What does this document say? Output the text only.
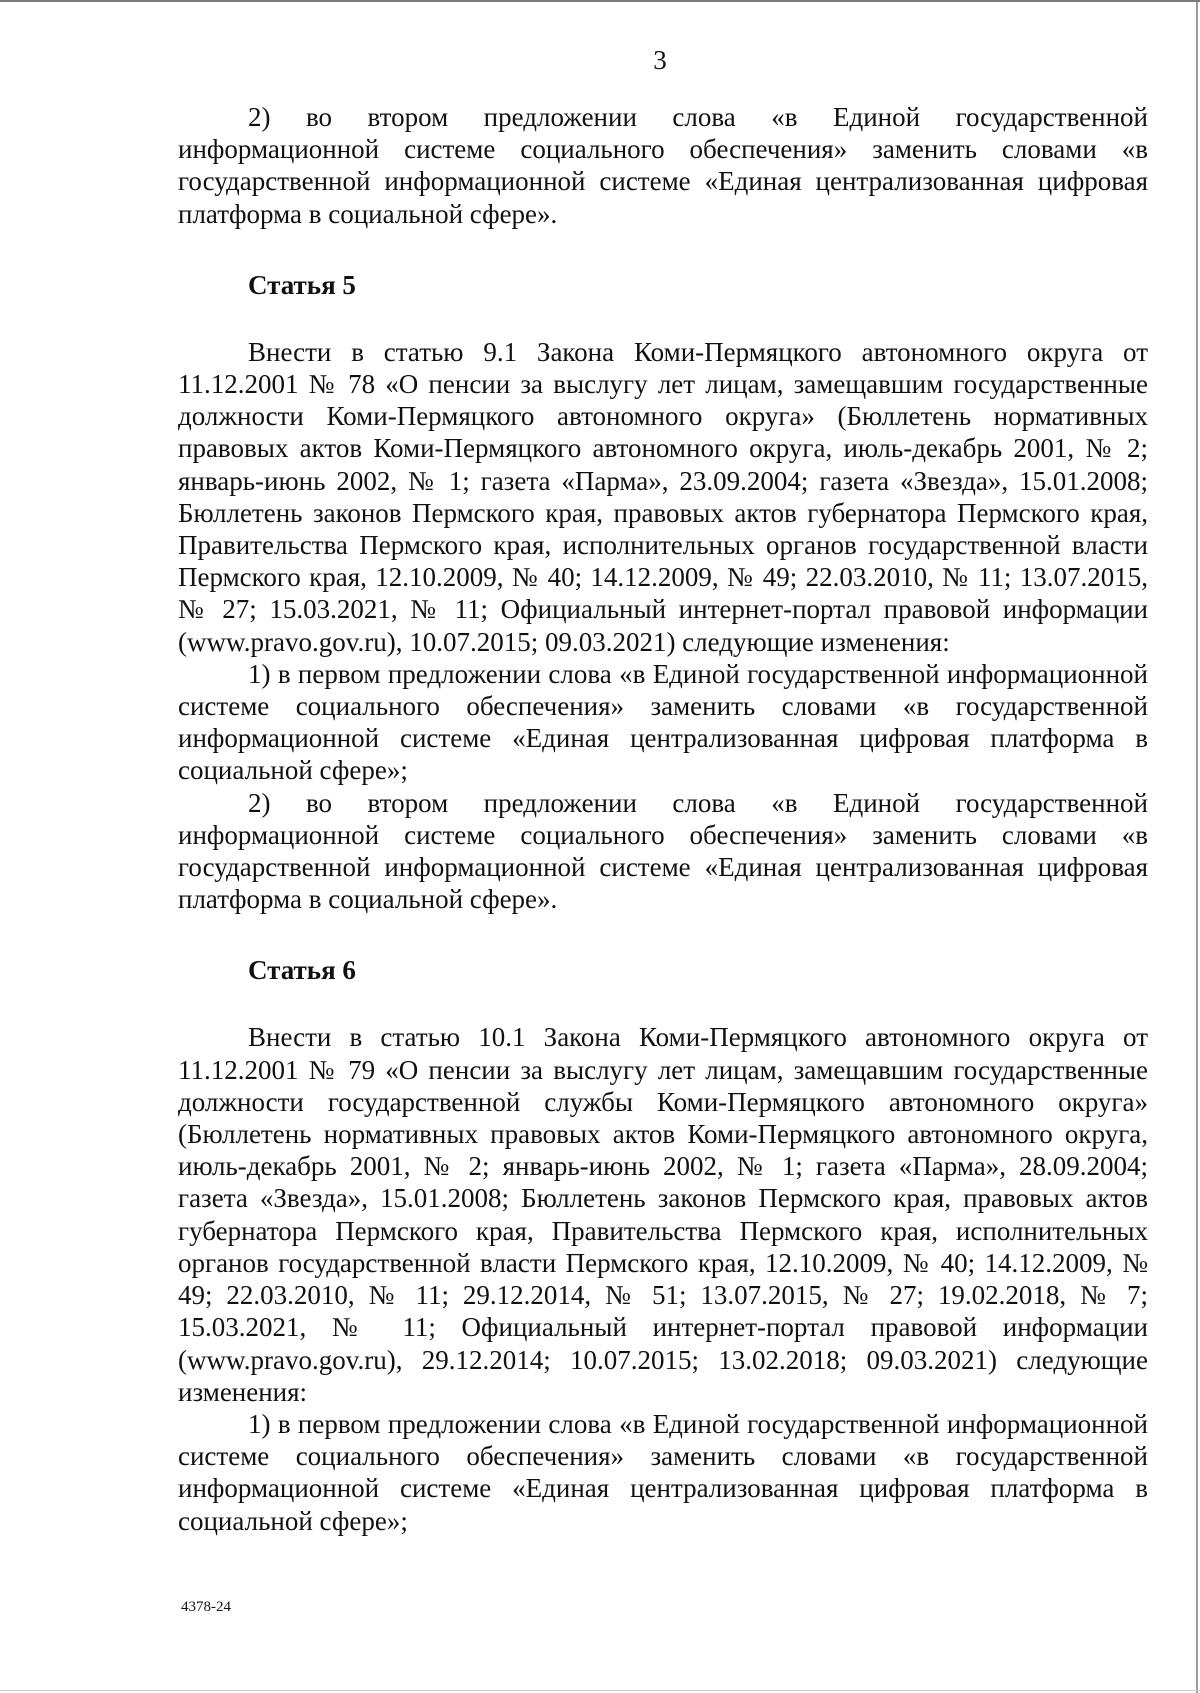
3

2) во втором предложении слова «в Единой государственной информационной системе социального обеспечения» заменить словами «в государственной информационной системе «Единая централизованная цифровая платформа в социальной сфере».

Статья 5

Внести в статью 9.1 Закона Коми-Пермяцкого автономного округа от 11.12.2001 № 78 «О пенсии за выслугу лет лицам, замещавшим государственные должности Коми-Пермяцкого автономного округа» (Бюллетень нормативных правовых актов Коми-Пермяцкого автономного округа, июль-декабрь 2001, № 2; январь-июнь 2002, № 1; газета «Парма», 23.09.2004; газета «Звезда», 15.01.2008; Бюллетень законов Пермского края, правовых актов губернатора Пермского края, Правительства Пермского края, исполнительных органов государственной власти Пермского края, 12.10.2009, № 40; 14.12.2009, № 49; 22.03.2010, № 11; 13.07.2015, № 27; 15.03.2021, № 11; Официальный интернет-портал правовой информации (www.pravo.gov.ru), 10.07.2015; 09.03.2021) следующие изменения:

1) в первом предложении слова «в Единой государственной информационной системе социального обеспечения» заменить словами «в государственной информационной системе «Единая централизованная цифровая платформа в социальной сфере»;

2) во втором предложении слова «в Единой государственной информационной системе социального обеспечения» заменить словами «в государственной информационной системе «Единая централизованная цифровая платформа в социальной сфере».

Статья 6

Внести в статью 10.1 Закона Коми-Пермяцкого автономного округа от 11.12.2001 № 79 «О пенсии за выслугу лет лицам, замещавшим государственные должности государственной службы Коми-Пермяцкого автономного округа» (Бюллетень нормативных правовых актов Коми-Пермяцкого автономного округа, июль-декабрь 2001, № 2; январь-июнь 2002, № 1; газета «Парма», 28.09.2004; газета «Звезда», 15.01.2008; Бюллетень законов Пермского края, правовых актов губернатора Пермского края, Правительства Пермского края, исполнительных органов государственной власти Пермского края, 12.10.2009, № 40; 14.12.2009, № 49; 22.03.2010, № 11; 29.12.2014, № 51; 13.07.2015, № 27; 19.02.2018, № 7; 15.03.2021, № 11; Официальный интернет-портал правовой информации (www.pravo.gov.ru), 29.12.2014; 10.07.2015; 13.02.2018; 09.03.2021) следующие изменения:

1) в первом предложении слова «в Единой государственной информационной системе социального обеспечения» заменить словами «в государственной информационной системе «Единая централизованная цифровая платформа в социальной сфере»;

4378-24
